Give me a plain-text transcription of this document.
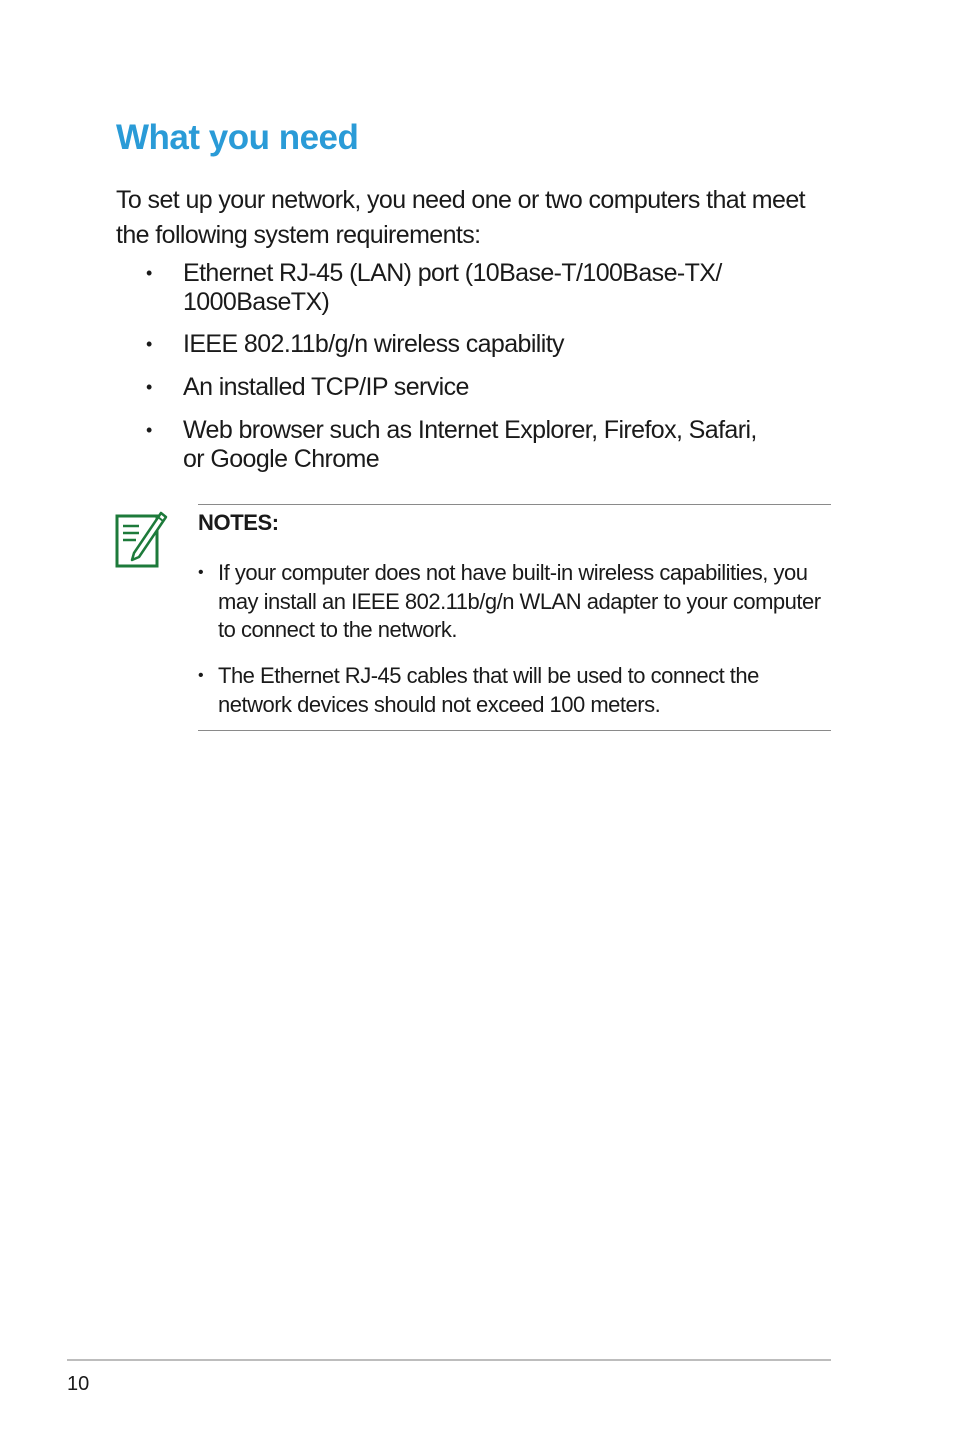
What you need

To set up your network, you need one or two computers that meet the following system requirements:

• Ethernet RJ-45 (LAN) port (10Base-T/100Base-TX/ 1000BaseTX)
• IEEE 802.11b/g/n wireless capability
• An installed TCP/IP service
• Web browser such as Internet Explorer, Firefox, Safari, or Google Chrome
NOTES:
• If your computer does not have built-in wireless capabilities, you may install an IEEE 802.11b/g/n WLAN adapter to your computer to connect to the network.
• The Ethernet RJ-45 cables that will be used to connect the network devices should not exceed 100 meters.
10
